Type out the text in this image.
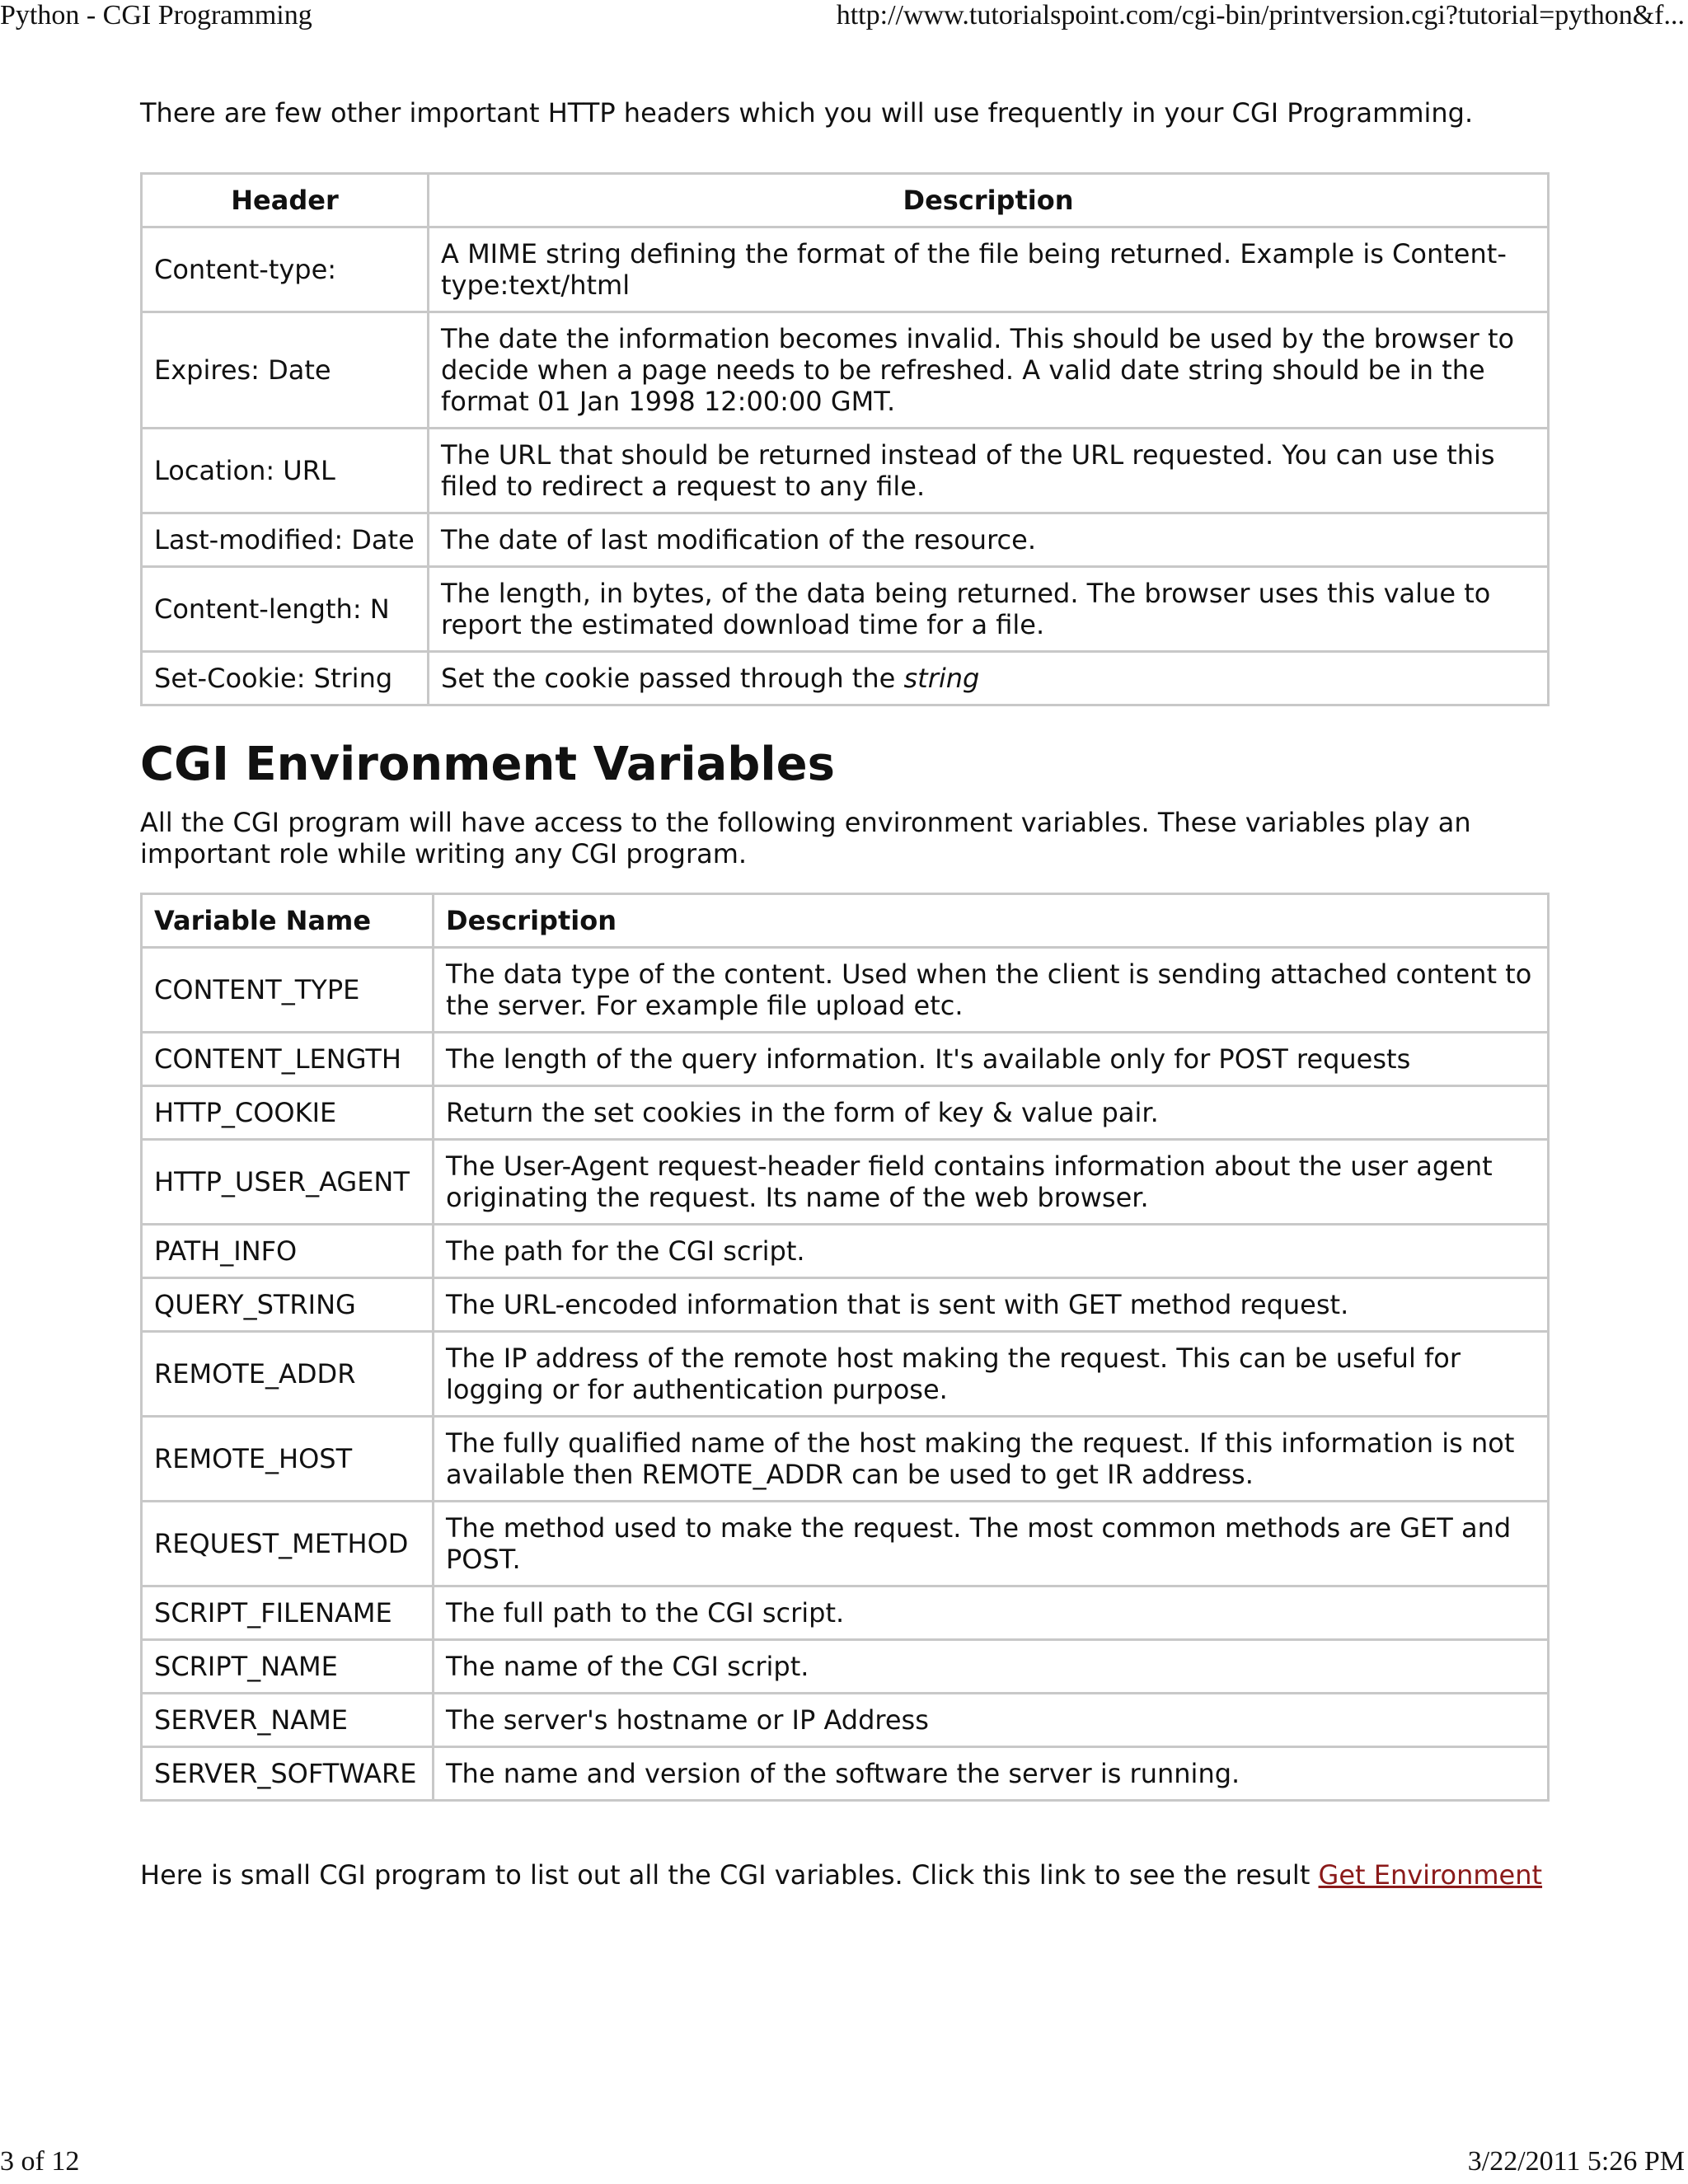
Python - CGI Programming	http://www.tutorialspoint.com/cgi-bin/printversion.cgi?tutorial=python&f...

There are few other important HTTP headers which you will use frequently in your CGI Programming.

Header	Description
Content-type:	A MIME string defining the format of the file being returned. Example is Content-type:text/html
Expires: Date	The date the information becomes invalid. This should be used by the browser to decide when a page needs to be refreshed. A valid date string should be in the format 01 Jan 1998 12:00:00 GMT.
Location: URL	The URL that should be returned instead of the URL requested. You can use this filed to redirect a request to any file.
Last-modified: Date	The date of last modification of the resource.
Content-length: N	The length, in bytes, of the data being returned. The browser uses this value to report the estimated download time for a file.
Set-Cookie: String	Set the cookie passed through the string
CGI Environment Variables

All the CGI program will have access to the following environment variables. These variables play an important role while writing any CGI program.

Variable Name	Description
CONTENT_TYPE	The data type of the content. Used when the client is sending attached content to the server. For example file upload etc.
CONTENT_LENGTH	The length of the query information. It's available only for POST requests
HTTP_COOKIE	Return the set cookies in the form of key & value pair.
HTTP_USER_AGENT	The User-Agent request-header field contains information about the user agent originating the request. Its name of the web browser.
PATH_INFO	The path for the CGI script.
QUERY_STRING	The URL-encoded information that is sent with GET method request.
REMOTE_ADDR	The IP address of the remote host making the request. This can be useful for logging or for authentication purpose.
REMOTE_HOST	The fully qualified name of the host making the request. If this information is not available then REMOTE_ADDR can be used to get IR address.
REQUEST_METHOD	The method used to make the request. The most common methods are GET and POST.
SCRIPT_FILENAME	The full path to the CGI script.
SCRIPT_NAME	The name of the CGI script.
SERVER_NAME	The server's hostname or IP Address
SERVER_SOFTWARE	The name and version of the software the server is running.

Here is small CGI program to list out all the CGI variables. Click this link to see the result Get Environment

3 of 12	3/22/2011 5:26 PM
